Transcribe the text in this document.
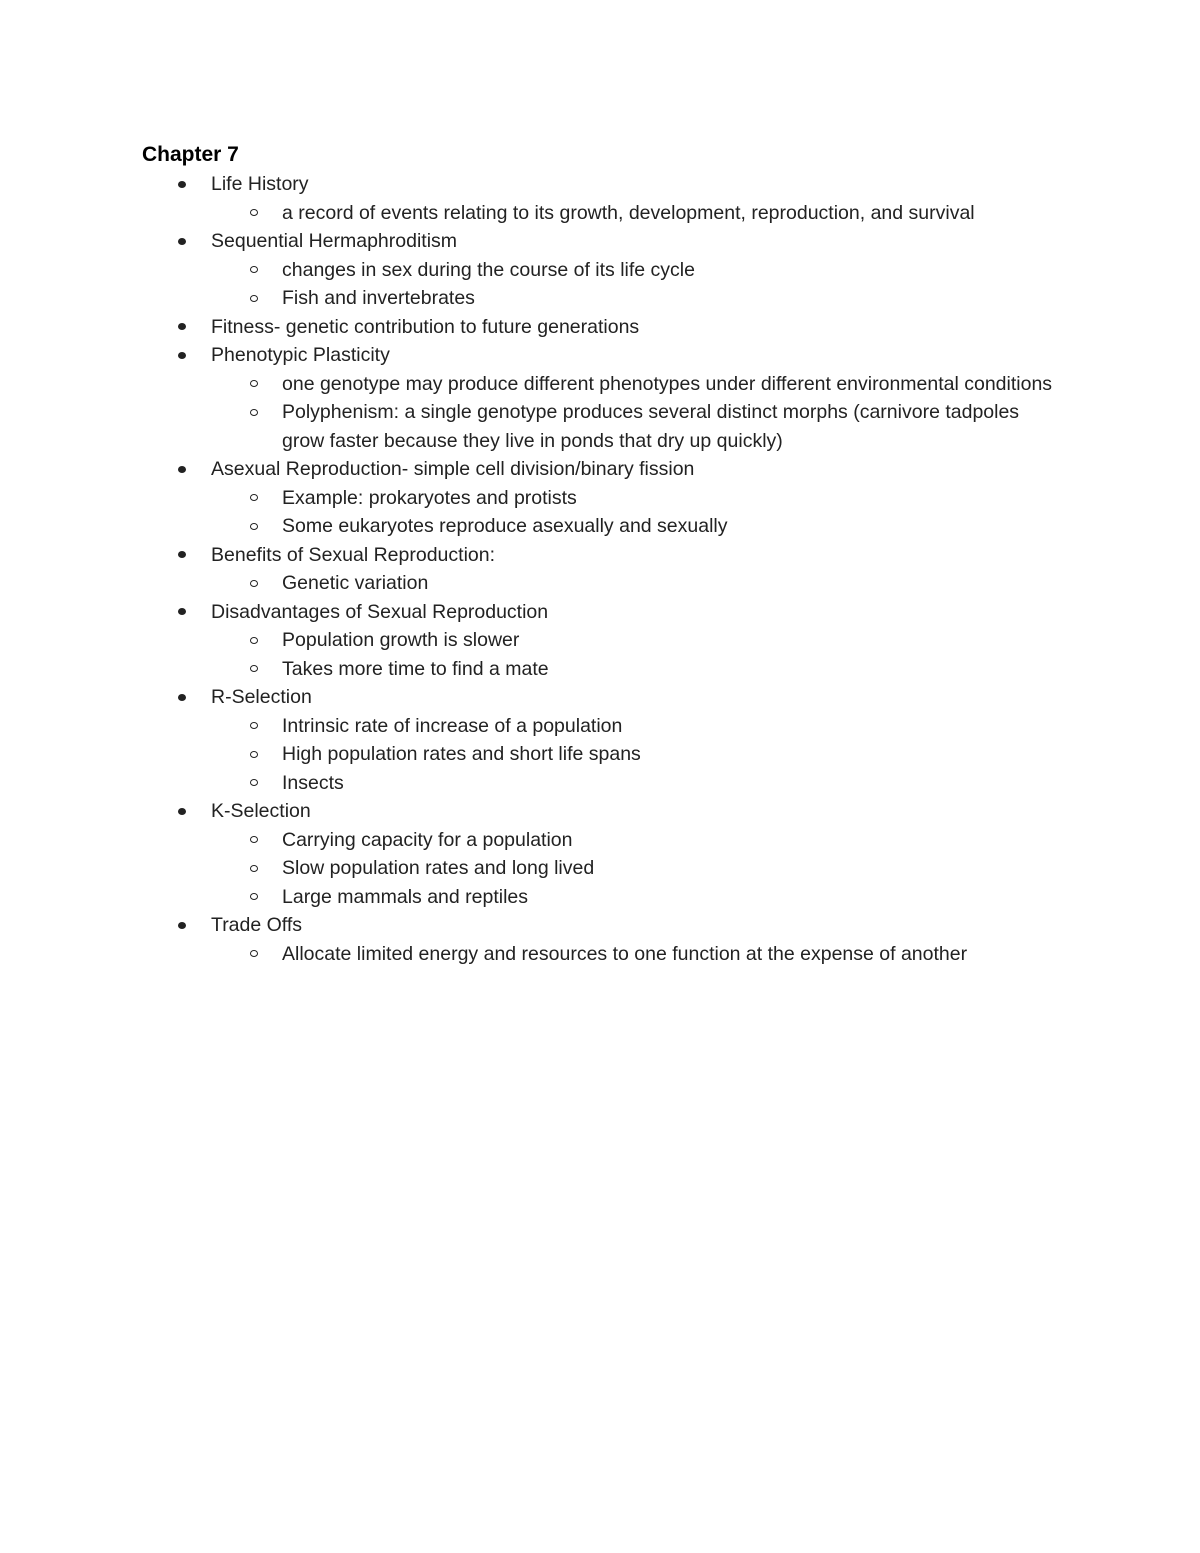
Chapter 7
Life History
a record of events relating to its growth, development, reproduction, and survival
Sequential Hermaphroditism
changes in sex during the course of its life cycle
Fish and invertebrates
Fitness- genetic contribution to future generations
Phenotypic Plasticity
one genotype may produce different phenotypes under different environmental conditions
Polyphenism: a single genotype produces several distinct morphs (carnivore tadpoles grow faster because they live in ponds that dry up quickly)
Asexual Reproduction- simple cell division/binary fission
Example: prokaryotes and protists
Some eukaryotes reproduce asexually and sexually
Benefits of Sexual Reproduction:
Genetic variation
Disadvantages of Sexual Reproduction
Population growth is slower
Takes more time to find a mate
R-Selection
Intrinsic rate of increase of a population
High population rates and short life spans
Insects
K-Selection
Carrying capacity for a population
Slow population rates and long lived
Large mammals and reptiles
Trade Offs
Allocate limited energy and resources to one function at the expense of another
